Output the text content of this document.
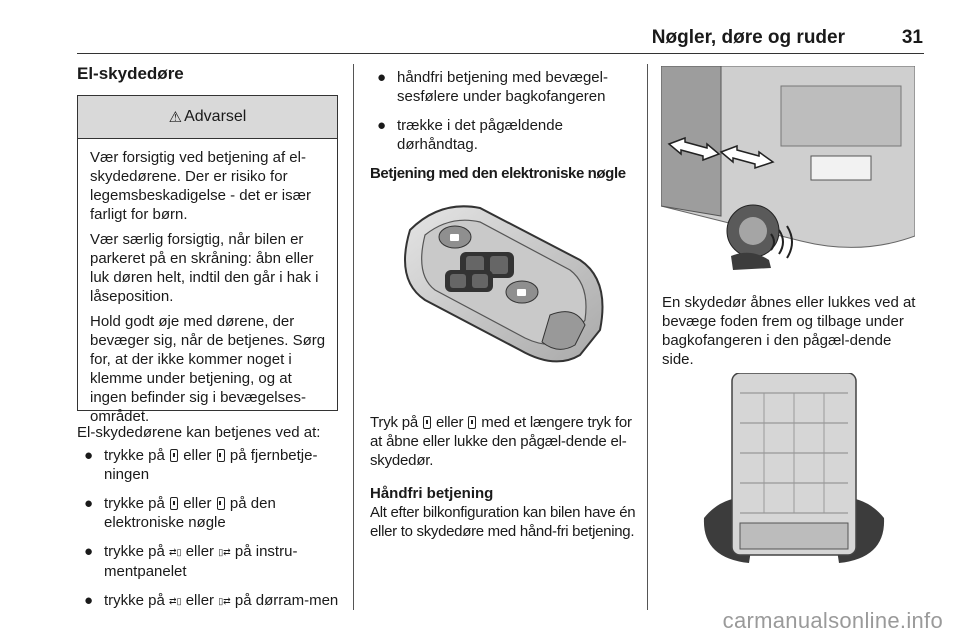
Nøgler, døre og ruder	31
El-skydedøre
⚠ Advarsel

Vær forsigtig ved betjening af el-skydedørene. Der er risiko for legemsbeskadigelse - det er især farligt for børn.

Vær særlig forsigtig, når bilen er parkeret på en skråning: åbn eller luk døren helt, indtil den går i hak i låseposition.

Hold godt øje med dørene, der bevæger sig, når de betjenes. Sørg for, at der ikke kommer noget i klemme under betjening, og at ingen befinder sig i bevægelses-området.

El-skydedørene kan betjenes ved at:

● trykke på eller på fjernbetje-ningen
● trykke på eller på den elektroniske nøgle
● trykke på ⇄▯ eller ▯⇄ på instru-mentpanelet
● trykke på ⇄▯ eller ▯⇄ på dørram-men
● håndfri betjening med bevægel-sesfølere under bagkofangeren
● trække i det pågældende dørhåndtag.
Betjening med den elektroniske nøgle

Tryk på eller med et længere tryk for at åbne eller lukke den pågæl-dende el-skydedør.

Håndfri betjening

Alt efter bilkonfiguration kan bilen have én eller to skydedøre med hånd-fri betjening.

En skydedør åbnes eller lukkes ved at bevæge foden frem og tilbage under bagkofangeren i den pågæl-dende side.

carmanualsonline.info
